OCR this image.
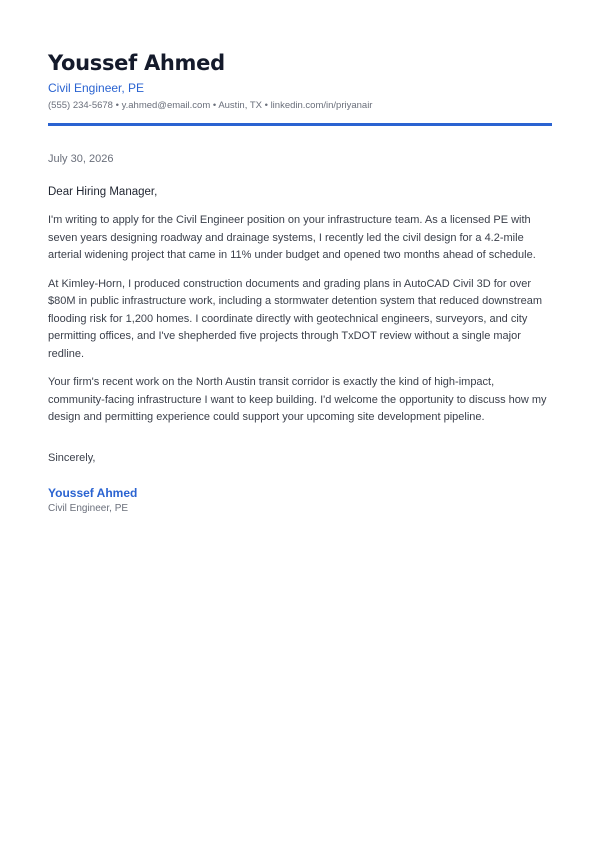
Youssef Ahmed
Civil Engineer, PE
(555) 234-5678 • y.ahmed@email.com • Austin, TX • linkedin.com/in/priyanair
July 30, 2026
Dear Hiring Manager,

I'm writing to apply for the Civil Engineer position on your infrastructure team. As a licensed PE with seven years designing roadway and drainage systems, I recently led the civil design for a 4.2-mile arterial widening project that came in 11% under budget and opened two months ahead of schedule.

At Kimley-Horn, I produced construction documents and grading plans in AutoCAD Civil 3D for over $80M in public infrastructure work, including a stormwater detention system that reduced downstream flooding risk for 1,200 homes. I coordinate directly with geotechnical engineers, surveyors, and city permitting offices, and I've shepherded five projects through TxDOT review without a single major redline.

Your firm's recent work on the North Austin transit corridor is exactly the kind of high-impact, community-facing infrastructure I want to keep building. I'd welcome the opportunity to discuss how my design and permitting experience could support your upcoming site development pipeline.

Sincerely,
Youssef Ahmed
Civil Engineer, PE
